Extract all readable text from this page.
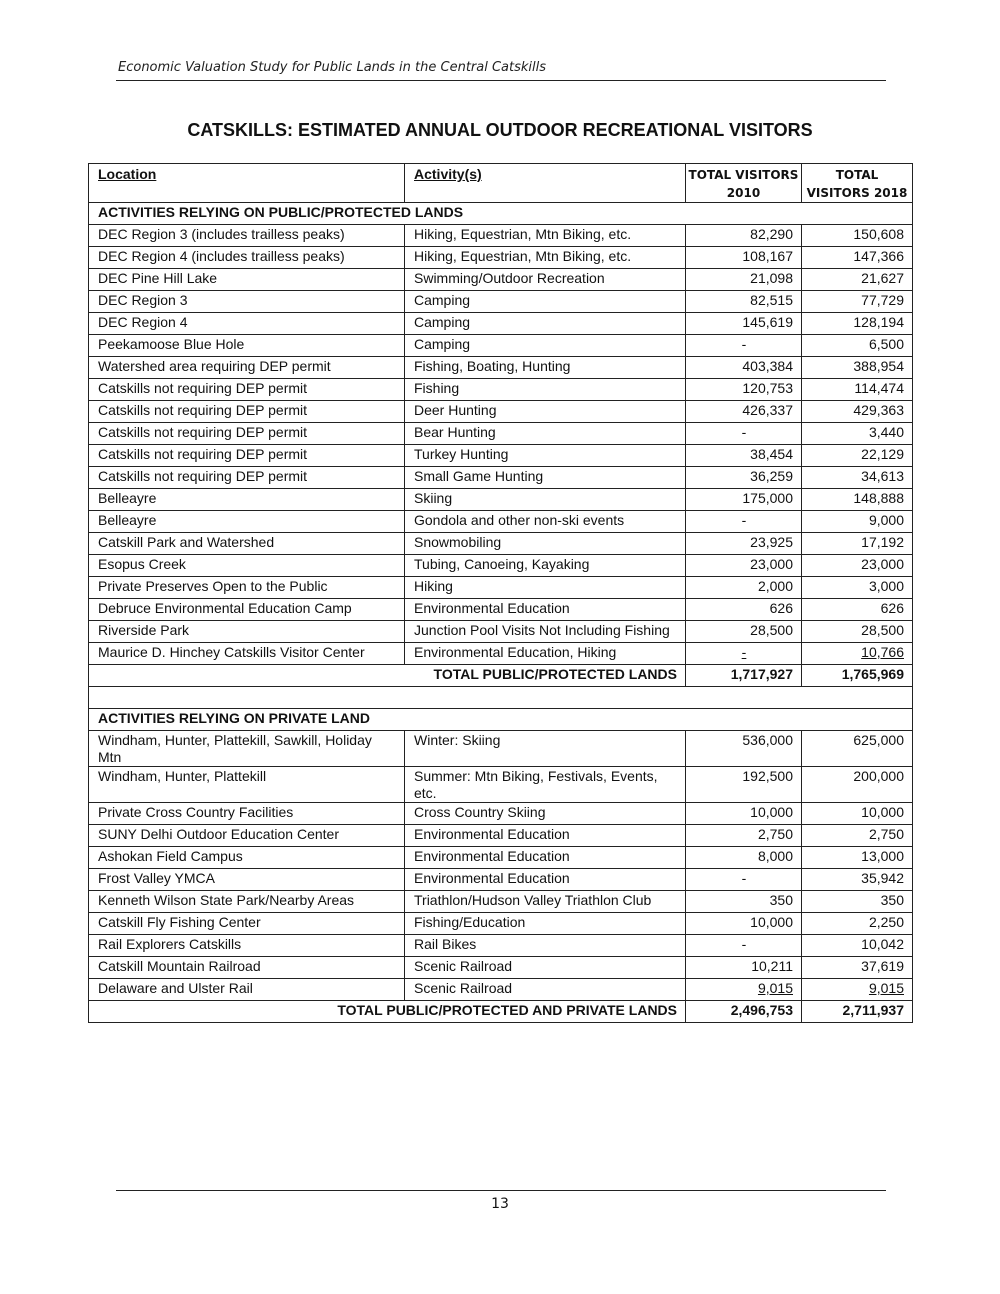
Economic Valuation Study for Public Lands in the Central Catskills
CATSKILLS: ESTIMATED ANNUAL OUTDOOR RECREATIONAL VISITORS
Location	Activity(s)	TOTAL VISITORS 2010	TOTAL VISITORS 2018
ACTIVITIES RELYING ON PUBLIC/PROTECTED LANDS			
DEC Region 3 (includes trailless peaks)	Hiking, Equestrian, Mtn Biking, etc.	82,290	150,608
DEC Region 4 (includes trailless peaks)	Hiking, Equestrian, Mtn Biking, etc.	108,167	147,366
DEC Pine Hill Lake	Swimming/Outdoor Recreation	21,098	21,627
DEC Region 3	Camping	82,515	77,729
DEC Region 4	Camping	145,619	128,194
Peekamoose Blue Hole	Camping	-	6,500
Watershed area requiring DEP permit	Fishing, Boating, Hunting	403,384	388,954
Catskills not requiring DEP permit	Fishing	120,753	114,474
Catskills not requiring DEP permit	Deer Hunting	426,337	429,363
Catskills not requiring DEP permit	Bear Hunting	-	3,440
Catskills not requiring DEP permit	Turkey Hunting	38,454	22,129
Catskills not requiring DEP permit	Small Game Hunting	36,259	34,613
Belleayre	Skiing	175,000	148,888
Belleayre	Gondola and other non-ski events	-	9,000
Catskill Park and Watershed	Snowmobiling	23,925	17,192
Esopus Creek	Tubing, Canoeing, Kayaking	23,000	23,000
Private Preserves Open to the Public	Hiking	2,000	3,000
Debruce Environmental Education Camp	Environmental Education	626	626
Riverside Park	Junction Pool Visits Not Including Fishing	28,500	28,500
Maurice D. Hinchey Catskills Visitor Center	Environmental Education, Hiking	-	10,766
TOTAL PUBLIC/PROTECTED LANDS		1,717,927	1,765,969

ACTIVITIES RELYING ON PRIVATE LAND			
Windham, Hunter, Plattekill, Sawkill, Holiday Mtn	Winter: Skiing	536,000	625,000
Windham, Hunter, Plattekill	Summer: Mtn Biking, Festivals, Events, etc.	192,500	200,000
Private Cross Country Facilities	Cross Country Skiing	10,000	10,000
SUNY Delhi Outdoor Education Center	Environmental Education	2,750	2,750
Ashokan Field Campus	Environmental Education	8,000	13,000
Frost Valley YMCA	Environmental Education	-	35,942
Kenneth Wilson State Park/Nearby Areas	Triathlon/Hudson Valley Triathlon Club	350	350
Catskill Fly Fishing Center	Fishing/Education	10,000	2,250
Rail Explorers Catskills	Rail Bikes	-	10,042
Catskill Mountain Railroad	Scenic Railroad	10,211	37,619
Delaware and Ulster Rail	Scenic Railroad	9,015	9,015
TOTAL PUBLIC/PROTECTED AND PRIVATE LANDS		2,496,753	2,711,937
13
